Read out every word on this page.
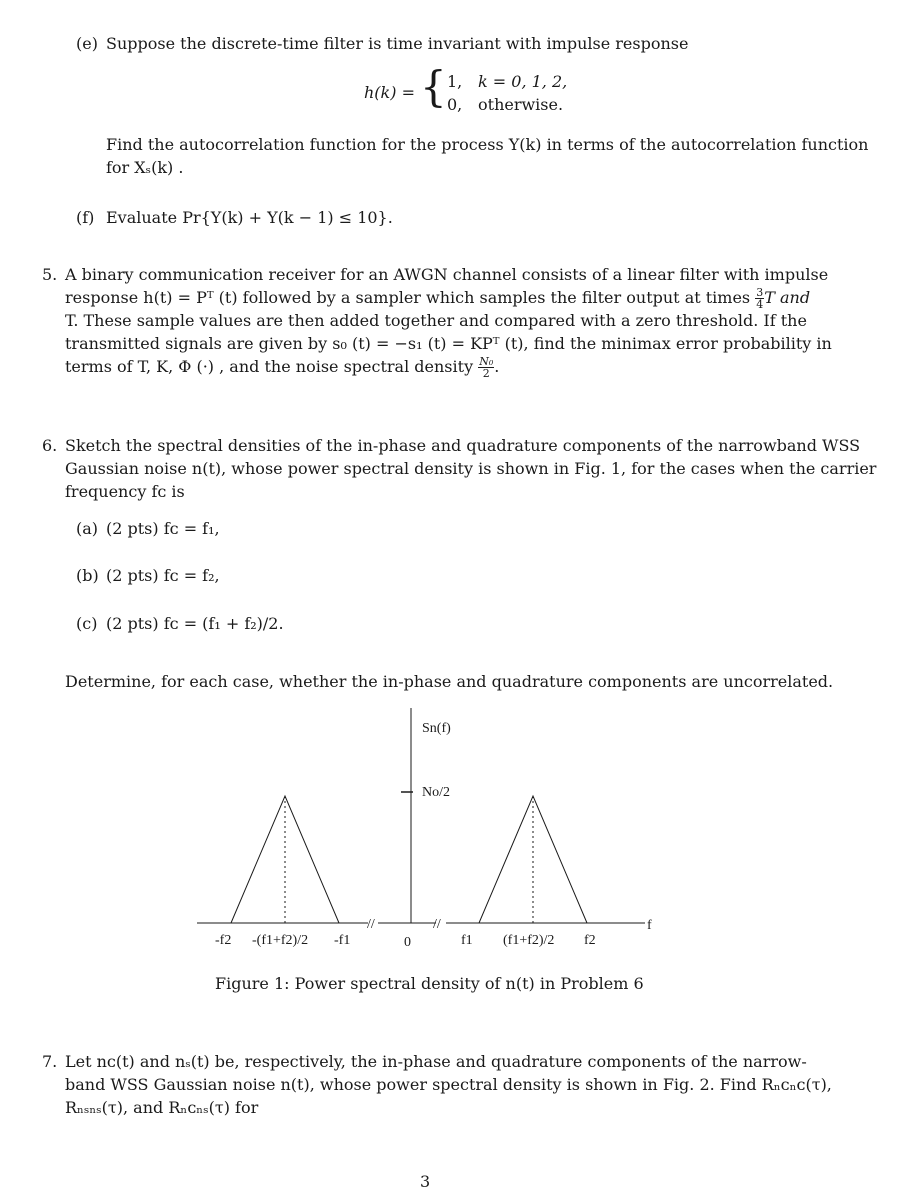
(e) Suppose the discrete-time filter is time invariant with impulse response
h(k) = { 1, k = 0, 1, 2,
0, otherwise.
Find the autocorrelation function for the process Y(k) in terms of the autocorrelation function
for Xₛ(k) .
(f) Evaluate Pr{Y(k) + Y(k − 1) ≤ 10}.
5. A binary communication receiver for an AWGN channel consists of a linear filter with impulse
response h(t) = Pᵀ (t) followed by a sampler which samples the filter output at times $\frac{3}{4}$ T and
T. These sample values are then added together and compared with a zero threshold. If the
transmitted signals are given by s₀ (t) = −s₁ (t) = KPᵀ (t), find the minimax error probability in
terms of T, K, Φ (·) , and the noise spectral density $\frac{\text{N₀}}{2}$ .
6. Sketch the spectral densities of the in-phase and quadrature components of the narrowband WSS
Gaussian noise n(t), whose power spectral density is shown in Fig. 1, for the cases when the carrier
frequency fᴄ is
(a) (2 pts) fᴄ = f₁,
(b) (2 pts) fᴄ = f₂,
(c) (2 pts) fᴄ = (f₁ + f₂)/2.
Determine, for each case, whether the in-phase and quadrature components are uncorrelated.
//	//
Sn(f)
No/2
f
-f2 -(f1+f2)/2 -f1	0	f1 (f1+f2)/2 f2
Figure 1: Power spectral density of n(t) in Problem 6
7. Let nᴄ(t) and nₛ(t) be, respectively, the in-phase and quadrature components of the narrow-
band WSS Gaussian noise n(t), whose power spectral density is shown in Fig. 2. Find Rₙᴄₙᴄ(τ),
Rₙₛₙₛ(τ), and Rₙᴄₙₛ(τ) for
3
